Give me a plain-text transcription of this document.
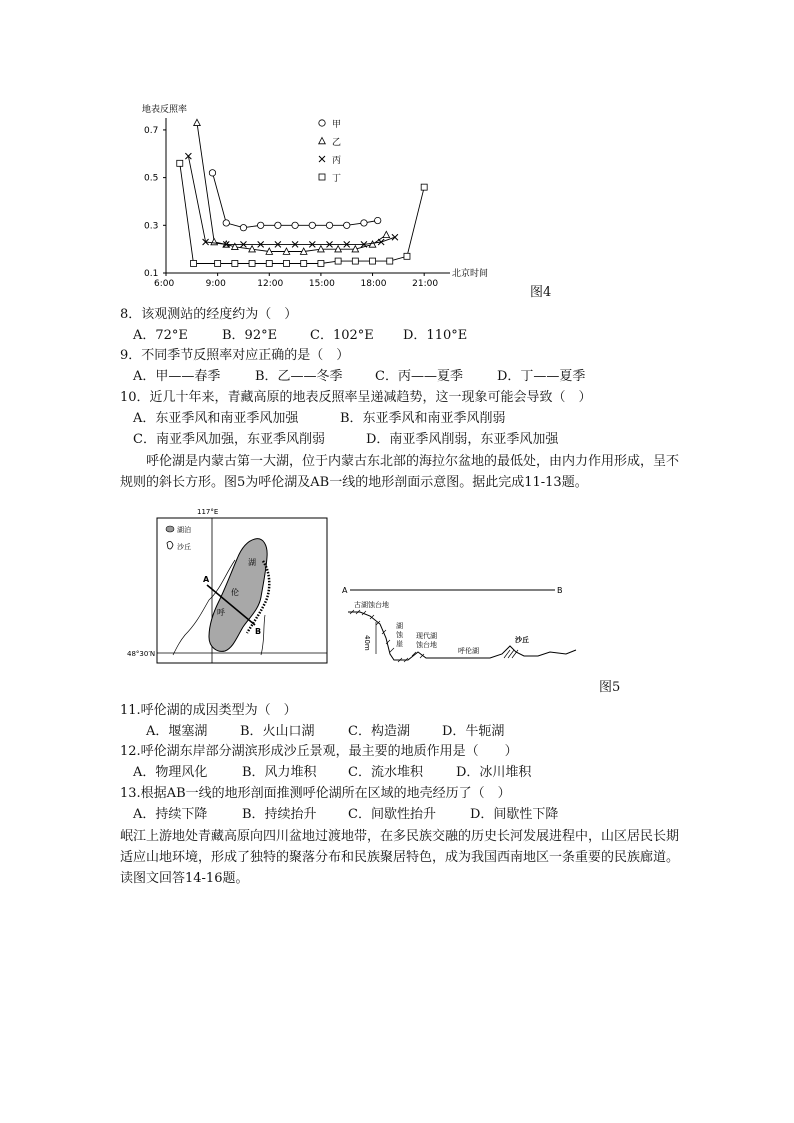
地表反照率
北京时间
0.1
0.3
0.5
0.7
6:00	9:00	12:00	15:00	18:00	21:00
甲
乙
丙
丁
图4
8．该观测站的经度约为（　）
A．72°E	B．92°E	C．102°E D．110°E
9．不同季节反照率对应正确的是（　）
A．甲——春季	B．乙——冬季 C．丙——夏季	D．丁——夏季
10．近几十年来，青藏高原的地表反照率呈递减趋势，这一现象可能会导致（　）
A．东亚季风和南亚季风加强	B．东亚季风和南亚季风削弱
C．南亚季风加强，东亚季风削弱	D．南亚季风削弱，东亚季风加强
呼伦湖是内蒙古第一大湖，位于内蒙古东北部的海拉尔盆地的最低处，由内力作用形成，呈不规则的斜长方形。图5为呼伦湖及AB一线的地形剖面示意图。据此完成11-13题。
117°E
48°30′N
湖泊
沙丘
湖
伦
呼
A
B
A	B
古湖蚀台地
40m
湖
蚀
崖
现代湖
蚀台地
呼伦湖
沙丘
图5
11.呼伦湖的成因类型为（　）
A．堰塞湖	B．火山口湖	C．构造湖 D．牛轭湖
12.呼伦湖东岸部分湖滨形成沙丘景观，最主要的地质作用是（　　）
A．物理风化	B．风力堆积 C．流水堆积	D．冰川堆积
13.根据AB一线的地形剖面推测呼伦湖所在区域的地壳经历了（　）
A．持续下降	B．持续抬升 C．间歇性抬升	D．间歇性下降
岷江上游地处青藏高原向四川盆地过渡地带，在多民族交融的历史长河发展进程中，山区居民长期适应山地环境，形成了独特的聚落分布和民族聚居特色，成为我国西南地区一条重要的民族廊道。读图文回答14-16题。
